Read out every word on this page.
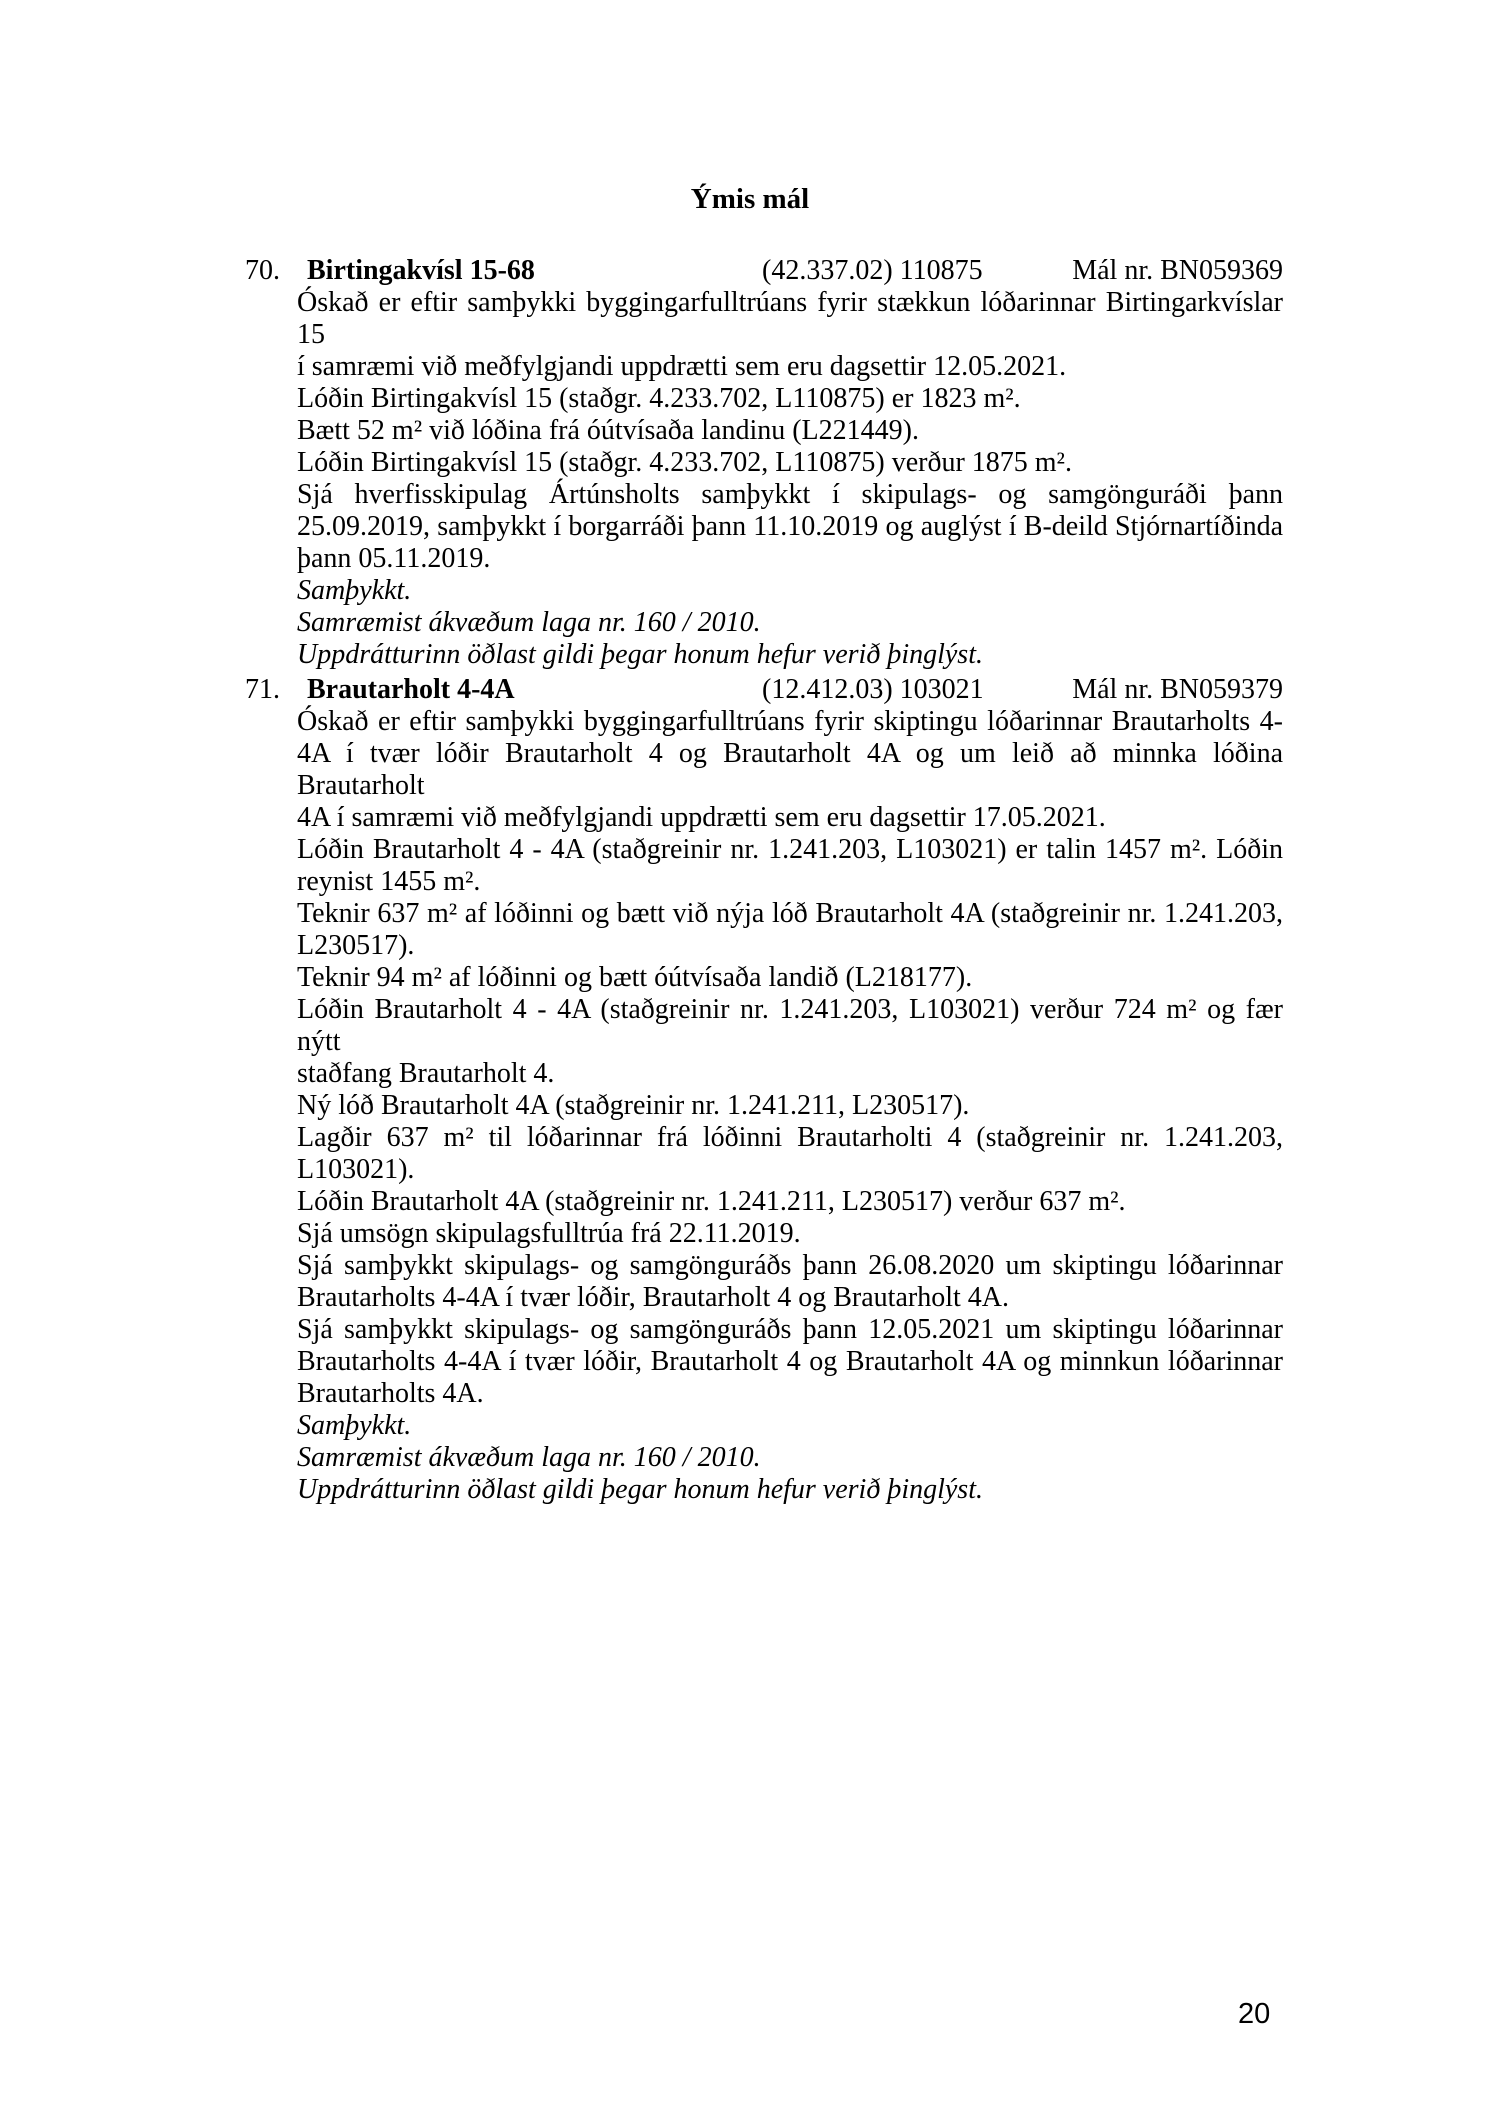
Ýmis mál
70. Birtingakvísl 15-68	(42.337.02) 110875	Mál nr. BN059369
Óskað er eftir samþykki byggingarfulltrúans fyrir stækkun lóðarinnar Birtingarkvíslar 15
í samræmi við meðfylgjandi uppdrætti sem eru dagsettir 12.05.2021.
Lóðin Birtingakvísl 15 (staðgr. 4.233.702, L110875) er 1823 m².
Bætt 52 m² við lóðina frá óútvísaða landinu (L221449).
Lóðin Birtingakvísl 15 (staðgr. 4.233.702, L110875) verður 1875 m².
Sjá hverfisskipulag Ártúnsholts samþykkt í skipulags- og samgönguráði þann
25.09.2019, samþykkt í borgarráði þann 11.10.2019 og auglýst í B-deild Stjórnartíðinda
þann 05.11.2019.
Samþykkt.
Samræmist ákvæðum laga nr. 160 / 2010.
Uppdrátturinn öðlast gildi þegar honum hefur verið þinglýst.
71. Brautarholt 4-4A	(12.412.03) 103021	Mál nr. BN059379
Óskað er eftir samþykki byggingarfulltrúans fyrir skiptingu lóðarinnar Brautarholts 4-
4A í tvær lóðir Brautarholt 4 og Brautarholt 4A og um leið að minnka lóðina Brautarholt
4A í samræmi við meðfylgjandi uppdrætti sem eru dagsettir 17.05.2021.
Lóðin Brautarholt 4 - 4A (staðgreinir nr. 1.241.203, L103021) er talin 1457 m². Lóðin
reynist 1455 m².
Teknir 637 m² af lóðinni og bætt við nýja lóð Brautarholt 4A (staðgreinir nr. 1.241.203,
L230517).
Teknir 94 m² af lóðinni og bætt óútvísaða landið (L218177).
Lóðin Brautarholt 4 - 4A (staðgreinir nr. 1.241.203, L103021) verður 724 m² og fær nýtt
staðfang Brautarholt 4.
Ný lóð Brautarholt 4A (staðgreinir nr. 1.241.211, L230517).
Lagðir 637 m² til lóðarinnar frá lóðinni Brautarholti 4 (staðgreinir nr. 1.241.203,
L103021).
Lóðin Brautarholt 4A (staðgreinir nr. 1.241.211, L230517) verður 637 m².
Sjá umsögn skipulagsfulltrúa frá 22.11.2019.
Sjá samþykkt skipulags- og samgönguráðs þann 26.08.2020 um skiptingu lóðarinnar
Brautarholts 4-4A í tvær lóðir, Brautarholt 4 og Brautarholt 4A.
Sjá samþykkt skipulags- og samgönguráðs þann 12.05.2021 um skiptingu lóðarinnar
Brautarholts 4-4A í tvær lóðir, Brautarholt 4 og Brautarholt 4A og minnkun lóðarinnar
Brautarholts 4A.
Samþykkt.
Samræmist ákvæðum laga nr. 160 / 2010.
Uppdrátturinn öðlast gildi þegar honum hefur verið þinglýst.
20
